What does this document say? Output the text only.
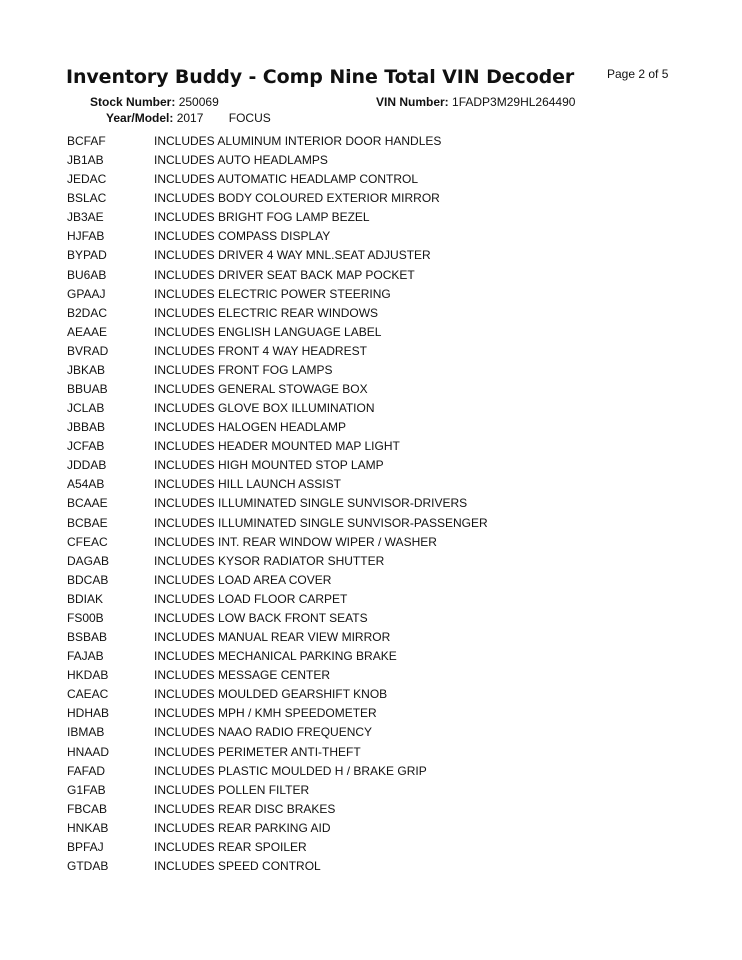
Inventory Buddy - Comp Nine Total VIN Decoder	Page 2 of 5
Stock Number: 250069	VIN Number: 1FADP3M29HL264490
Year/Model: 2017 FOCUS
BCFAF	INCLUDES ALUMINUM INTERIOR DOOR HANDLES
JB1AB	INCLUDES AUTO HEADLAMPS
JEDAC	INCLUDES AUTOMATIC HEADLAMP CONTROL
BSLAC	INCLUDES BODY COLOURED EXTERIOR MIRROR
JB3AE	INCLUDES BRIGHT FOG LAMP BEZEL
HJFAB	INCLUDES COMPASS DISPLAY
BYPAD	INCLUDES DRIVER 4 WAY MNL.SEAT ADJUSTER
BU6AB	INCLUDES DRIVER SEAT BACK MAP POCKET
GPAAJ	INCLUDES ELECTRIC POWER STEERING
B2DAC	INCLUDES ELECTRIC REAR WINDOWS
AEAAE	INCLUDES ENGLISH LANGUAGE LABEL
BVRAD	INCLUDES FRONT 4 WAY HEADREST
JBKAB	INCLUDES FRONT FOG LAMPS
BBUAB	INCLUDES GENERAL STOWAGE BOX
JCLAB	INCLUDES GLOVE BOX ILLUMINATION
JBBAB	INCLUDES HALOGEN HEADLAMP
JCFAB	INCLUDES HEADER MOUNTED MAP LIGHT
JDDAB	INCLUDES HIGH MOUNTED STOP LAMP
A54AB	INCLUDES HILL LAUNCH ASSIST
BCAAE	INCLUDES ILLUMINATED SINGLE SUNVISOR-DRIVERS
BCBAE	INCLUDES ILLUMINATED SINGLE SUNVISOR-PASSENGER
CFEAC	INCLUDES INT. REAR WINDOW WIPER / WASHER
DAGAB	INCLUDES KYSOR RADIATOR SHUTTER
BDCAB	INCLUDES LOAD AREA COVER
BDIAK	INCLUDES LOAD FLOOR CARPET
FS00B	INCLUDES LOW BACK FRONT SEATS
BSBAB	INCLUDES MANUAL REAR VIEW MIRROR
FAJAB	INCLUDES MECHANICAL PARKING BRAKE
HKDAB	INCLUDES MESSAGE CENTER
CAEAC	INCLUDES MOULDED GEARSHIFT KNOB
HDHAB	INCLUDES MPH / KMH SPEEDOMETER
IBMAB	INCLUDES NAAO RADIO FREQUENCY
HNAAD	INCLUDES PERIMETER ANTI-THEFT
FAFAD	INCLUDES PLASTIC MOULDED H / BRAKE GRIP
G1FAB	INCLUDES POLLEN FILTER
FBCAB	INCLUDES REAR DISC BRAKES
HNKAB	INCLUDES REAR PARKING AID
BPFAJ	INCLUDES REAR SPOILER
GTDAB	INCLUDES SPEED CONTROL
